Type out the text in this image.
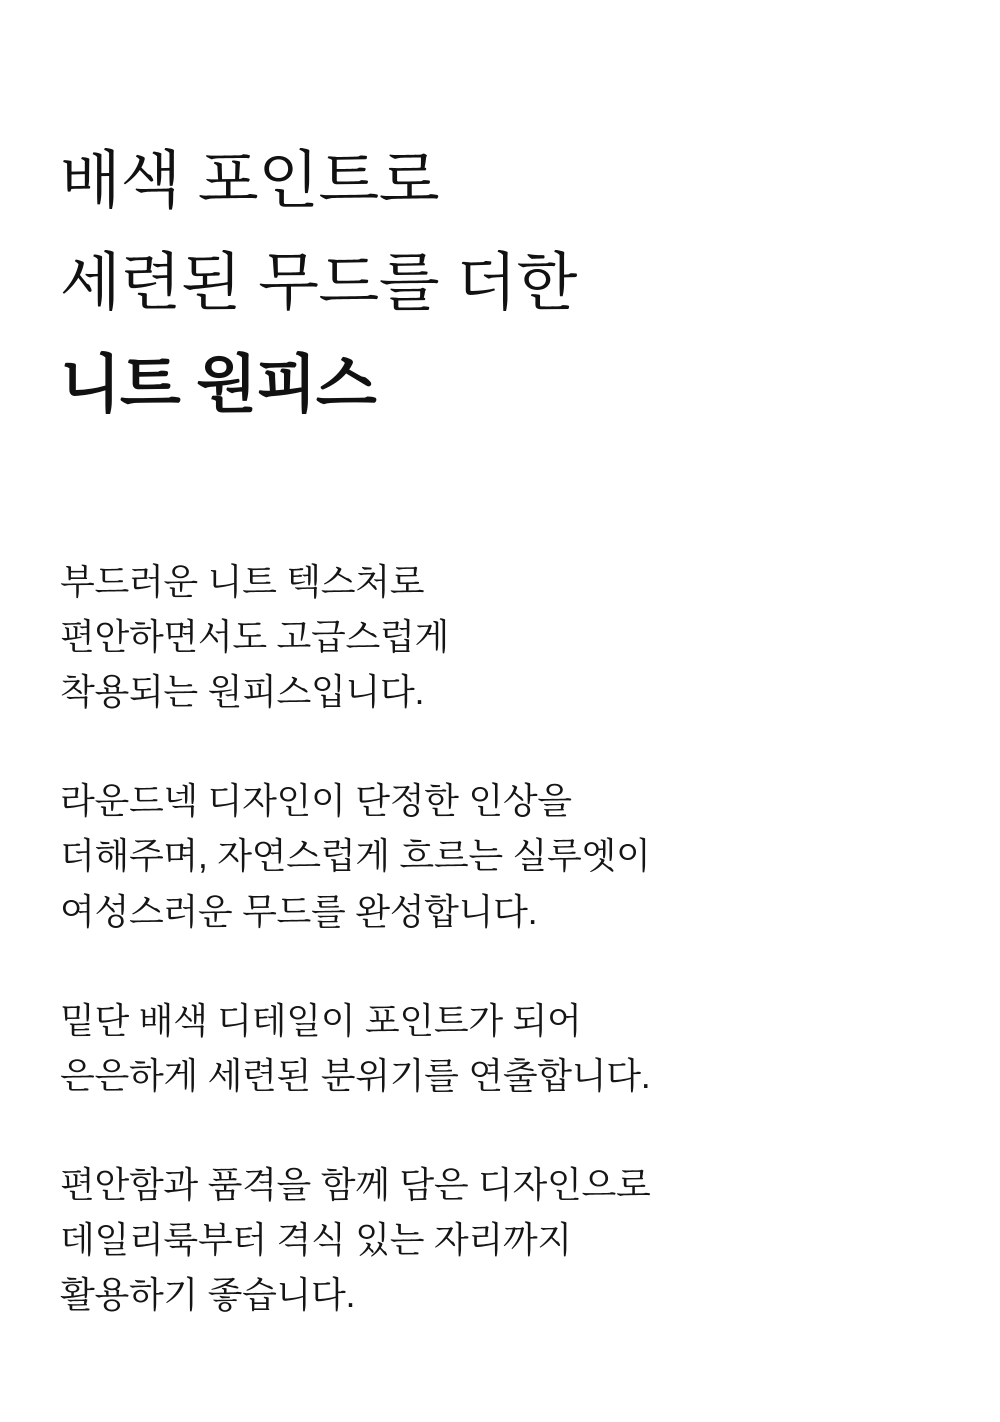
배색 포인트로
세련된 무드를 더한
니트 원피스

부드러운 니트 텍스처로
편안하면서도 고급스럽게
착용되는 원피스입니다.

라운드넥 디자인이 단정한 인상을
더해주며, 자연스럽게 흐르는 실루엣이
여성스러운 무드를 완성합니다.

밑단 배색 디테일이 포인트가 되어
은은하게 세련된 분위기를 연출합니다.

편안함과 품격을 함께 담은 디자인으로
데일리룩부터 격식 있는 자리까지
활용하기 좋습니다.
